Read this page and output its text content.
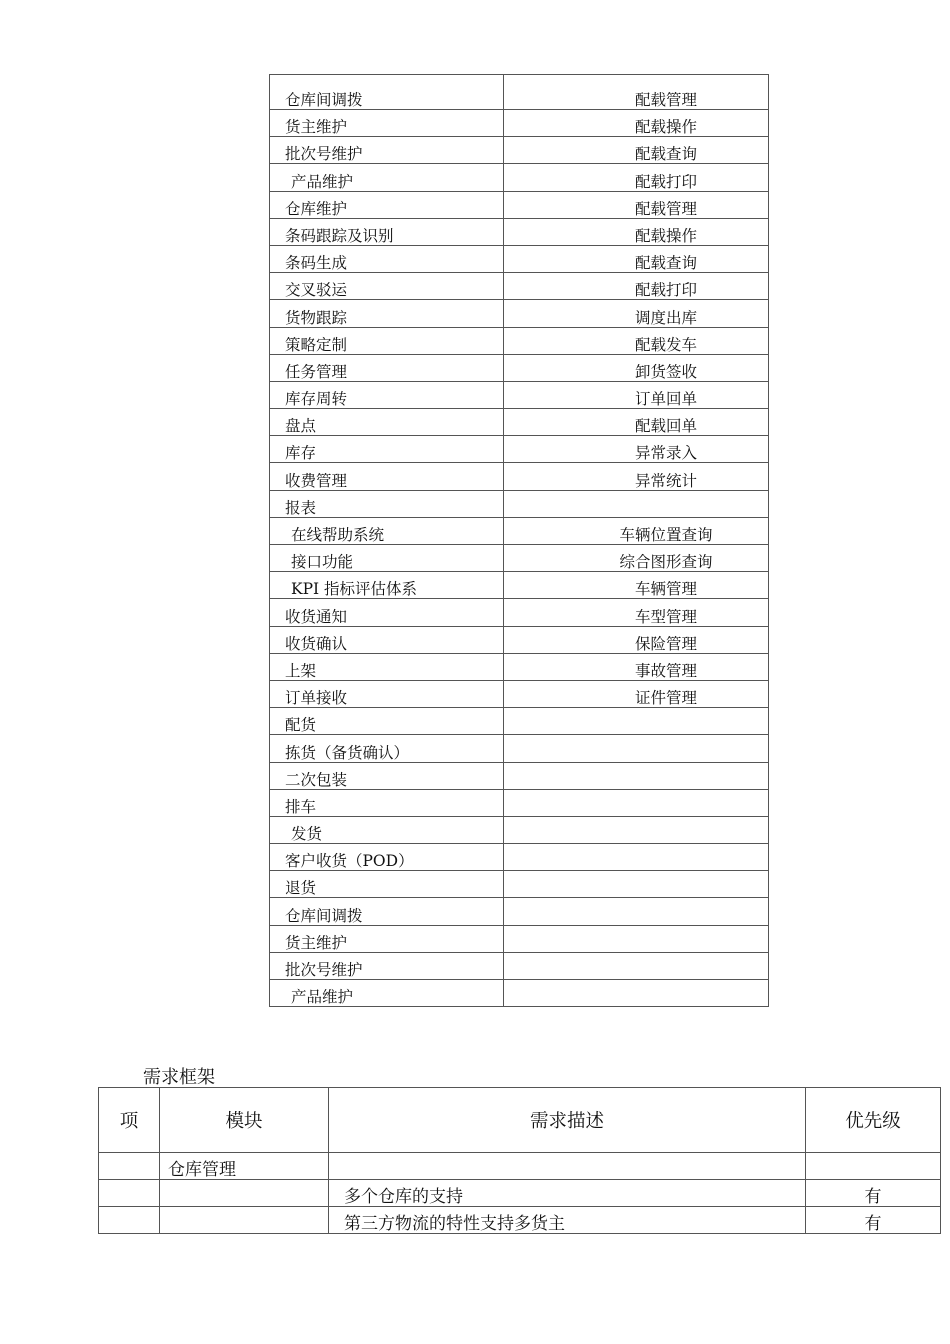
仓库间调拨	配载管理
货主维护	配载操作
批次号维护	配载查询
产品维护	配载打印
仓库维护	配载管理
条码跟踪及识别	配载操作
条码生成	配载查询
交叉驳运	配载打印
货物跟踪	调度出库
策略定制	配载发车
任务管理	卸货签收
库存周转	订单回单
盘点	配载回单
库存	异常录入
收费管理	异常统计
报表	
在线帮助系统	车辆位置查询
接口功能	综合图形查询
KPI 指标评估体系	车辆管理
收货通知	车型管理
收货确认	保险管理
上架	事故管理
订单接收	证件管理
配货	
拣货（备货确认）	
二次包装	
排车	
发货	
客户收货（POD）	
退货	
仓库间调拨	
货主维护	
批次号维护	
产品维护	
需求框架
项	模块	需求描述	优先级
	仓库管理		
		多个仓库的支持	有
		第三方物流的特性支持多货主	有
